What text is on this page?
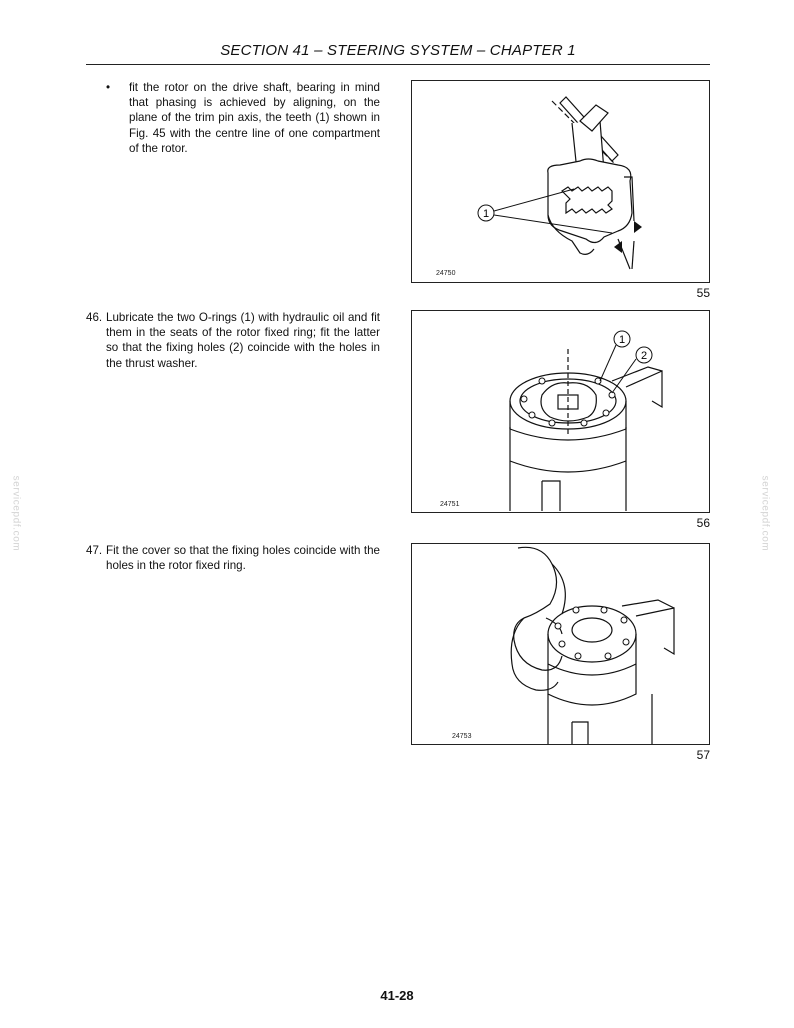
SECTION 41 – STEERING SYSTEM – CHAPTER 1
servicepdf.com	servicepdf.com
• fit the rotor on the drive shaft, bearing in mind that phasing is achieved by aligning, on the plane of the trim pin axis, the teeth (1) shown in Fig. 45 with the centre line of one compartment of the rotor.
46. Lubricate the two O-rings (1) with hydraulic oil and fit them in the seats of the rotor fixed ring; fit the latter so that the fixing holes (2) coincide with the holes in the thrust washer.
47. Fit the cover so that the fixing holes coincide with the holes in the rotor fixed ring.
1
24750
55
1
2
24751
56
24753
57
41-28
